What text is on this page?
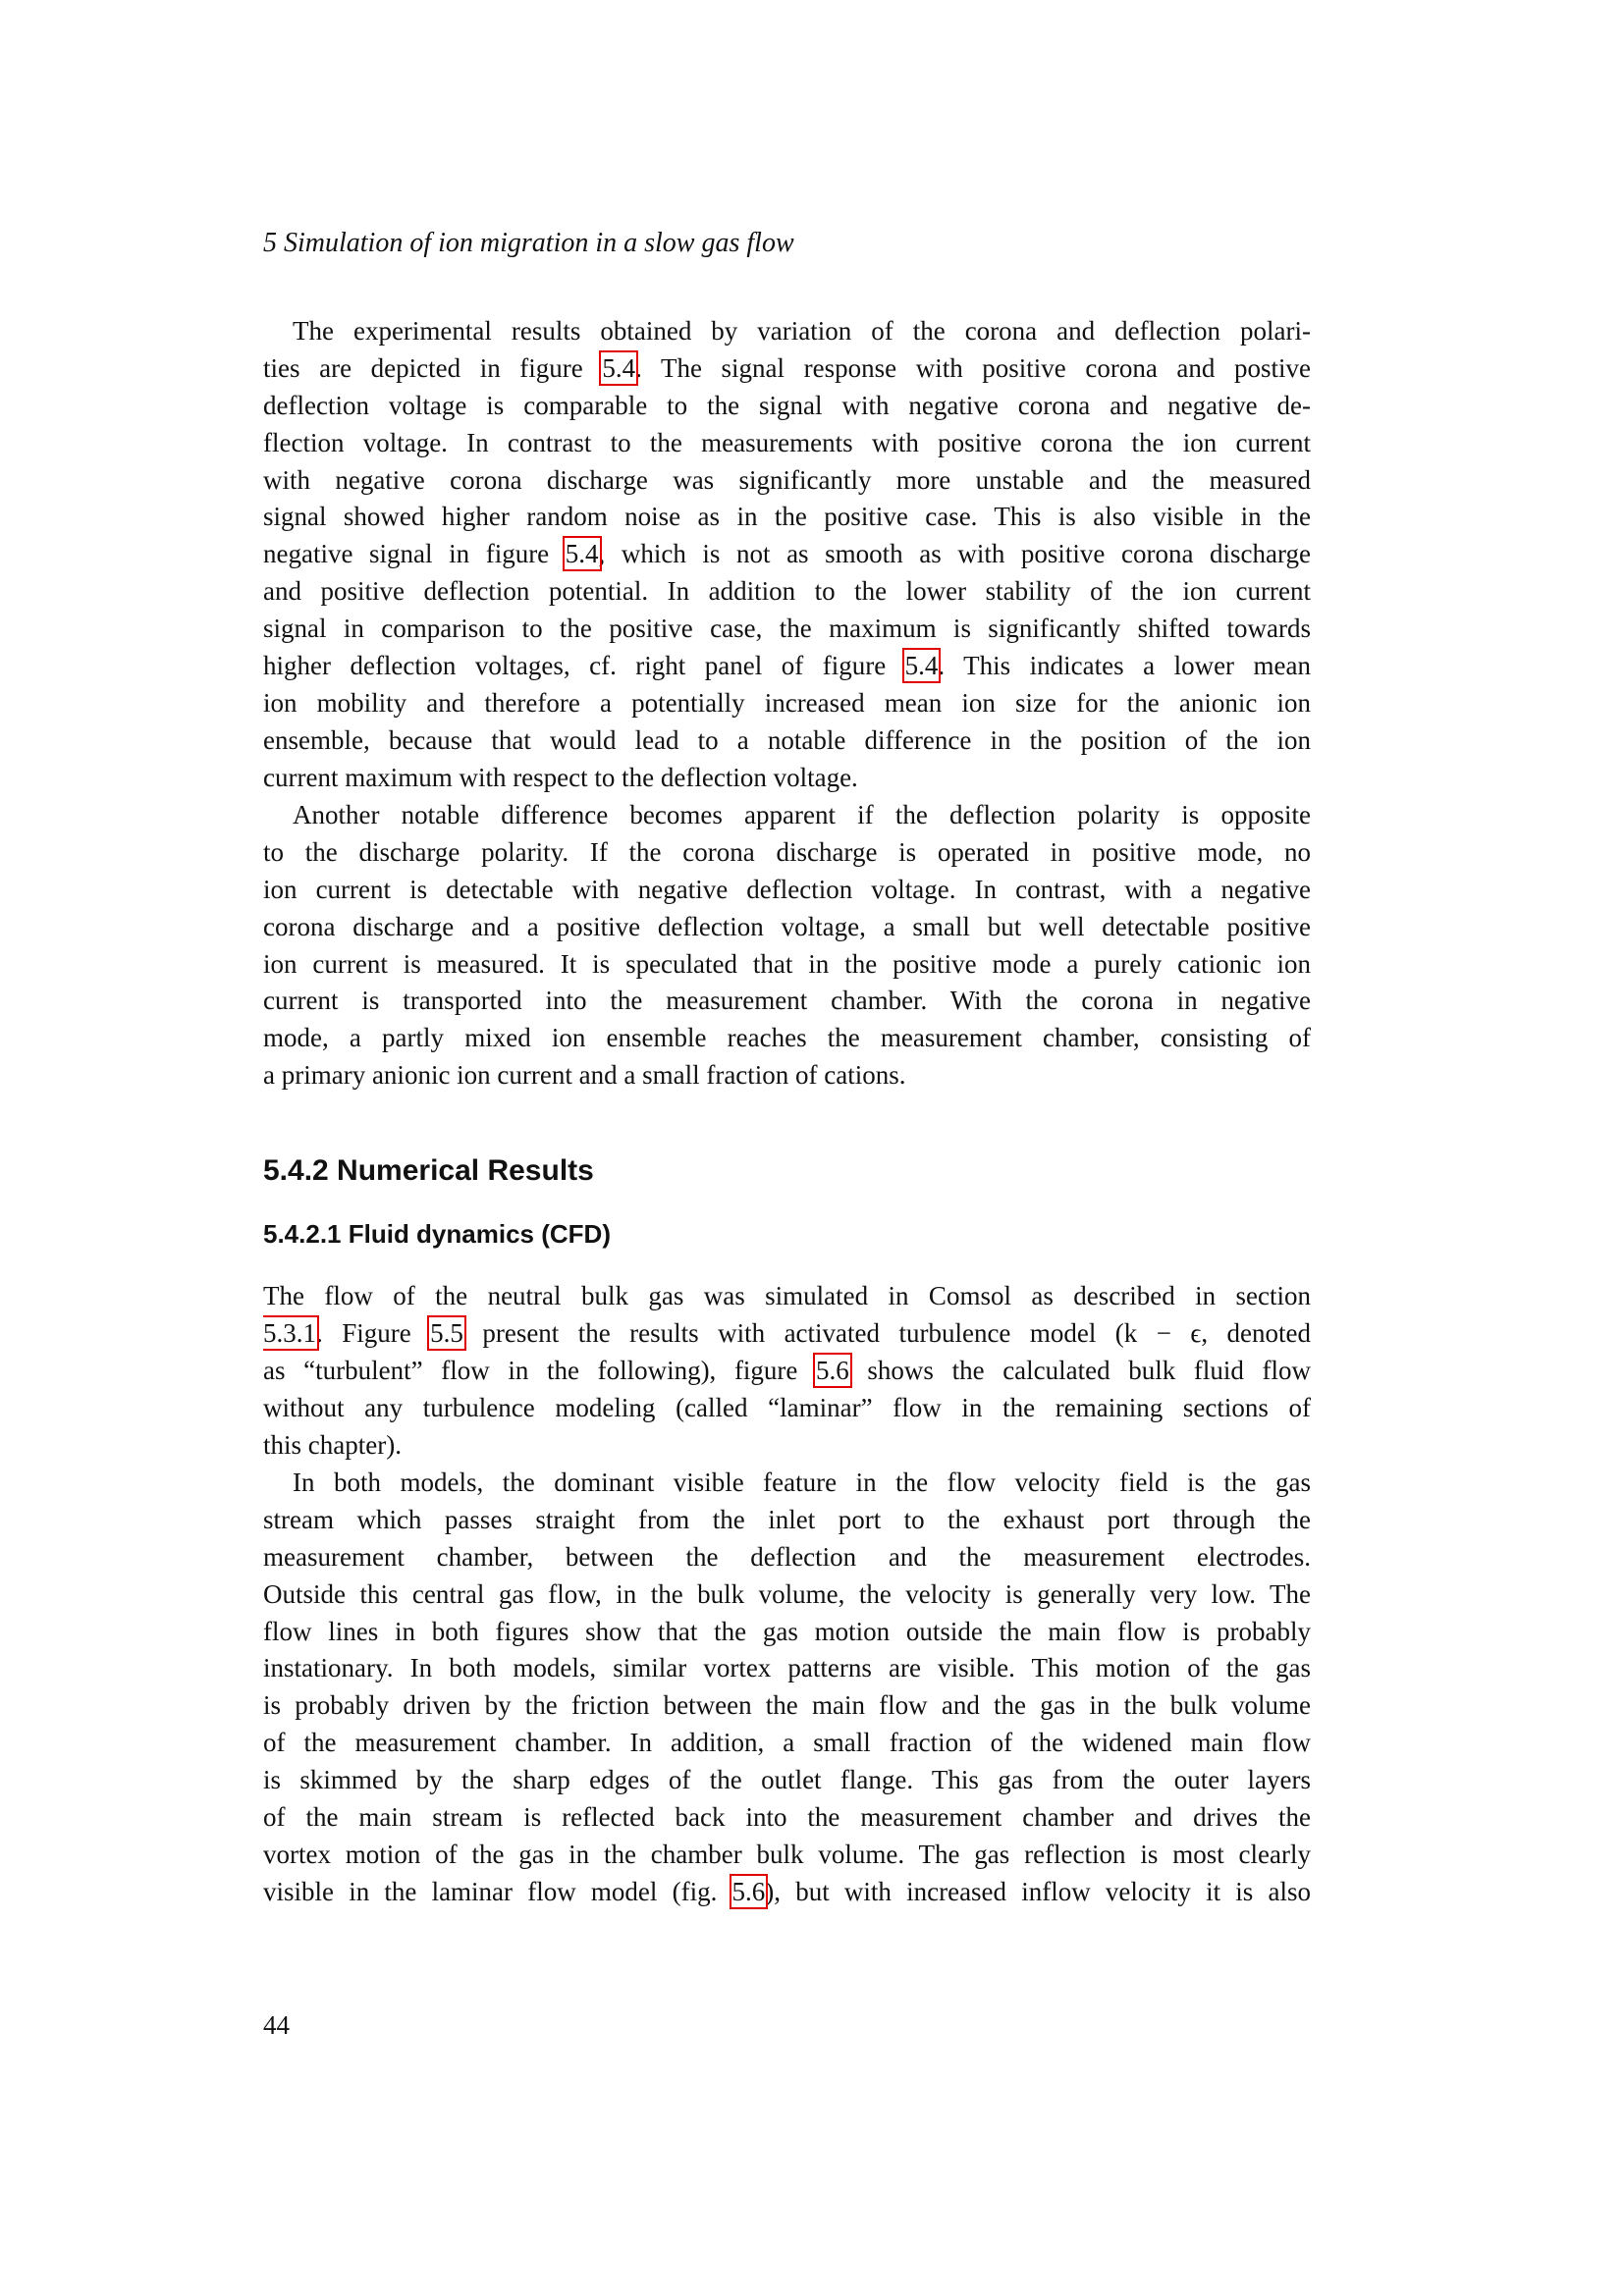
5 Simulation of ion migration in a slow gas flow
The experimental results obtained by variation of the corona and deflection polari-
ties are depicted in figure 5.4. The signal response with positive corona and postive
deflection voltage is comparable to the signal with negative corona and negative de-
flection voltage. In contrast to the measurements with positive corona the ion current
with negative corona discharge was significantly more unstable and the measured
signal showed higher random noise as in the positive case. This is also visible in the
negative signal in figure 5.4, which is not as smooth as with positive corona discharge
and positive deflection potential. In addition to the lower stability of the ion current
signal in comparison to the positive case, the maximum is significantly shifted towards
higher deflection voltages, cf. right panel of figure 5.4. This indicates a lower mean
ion mobility and therefore a potentially increased mean ion size for the anionic ion
ensemble, because that would lead to a notable difference in the position of the ion
current maximum with respect to the deflection voltage.
Another notable difference becomes apparent if the deflection polarity is opposite
to the discharge polarity. If the corona discharge is operated in positive mode, no
ion current is detectable with negative deflection voltage. In contrast, with a negative
corona discharge and a positive deflection voltage, a small but well detectable positive
ion current is measured. It is speculated that in the positive mode a purely cationic ion
current is transported into the measurement chamber. With the corona in negative
mode, a partly mixed ion ensemble reaches the measurement chamber, consisting of
a primary anionic ion current and a small fraction of cations.
5.4.2 Numerical Results
5.4.2.1 Fluid dynamics (CFD)
The flow of the neutral bulk gas was simulated in Comsol as described in section
5.3.1. Figure 5.5 present the results with activated turbulence model (k − ϵ, denoted
as “turbulent” flow in the following), figure 5.6 shows the calculated bulk fluid flow
without any turbulence modeling (called “laminar” flow in the remaining sections of
this chapter).
In both models, the dominant visible feature in the flow velocity field is the gas
stream which passes straight from the inlet port to the exhaust port through the
measurement chamber, between the deflection and the measurement electrodes.
Outside this central gas flow, in the bulk volume, the velocity is generally very low. The
flow lines in both figures show that the gas motion outside the main flow is probably
instationary. In both models, similar vortex patterns are visible. This motion of the gas
is probably driven by the friction between the main flow and the gas in the bulk volume
of the measurement chamber. In addition, a small fraction of the widened main flow
is skimmed by the sharp edges of the outlet flange. This gas from the outer layers
of the main stream is reflected back into the measurement chamber and drives the
vortex motion of the gas in the chamber bulk volume. The gas reflection is most clearly
visible in the laminar flow model (fig. 5.6), but with increased inflow velocity it is also
44
